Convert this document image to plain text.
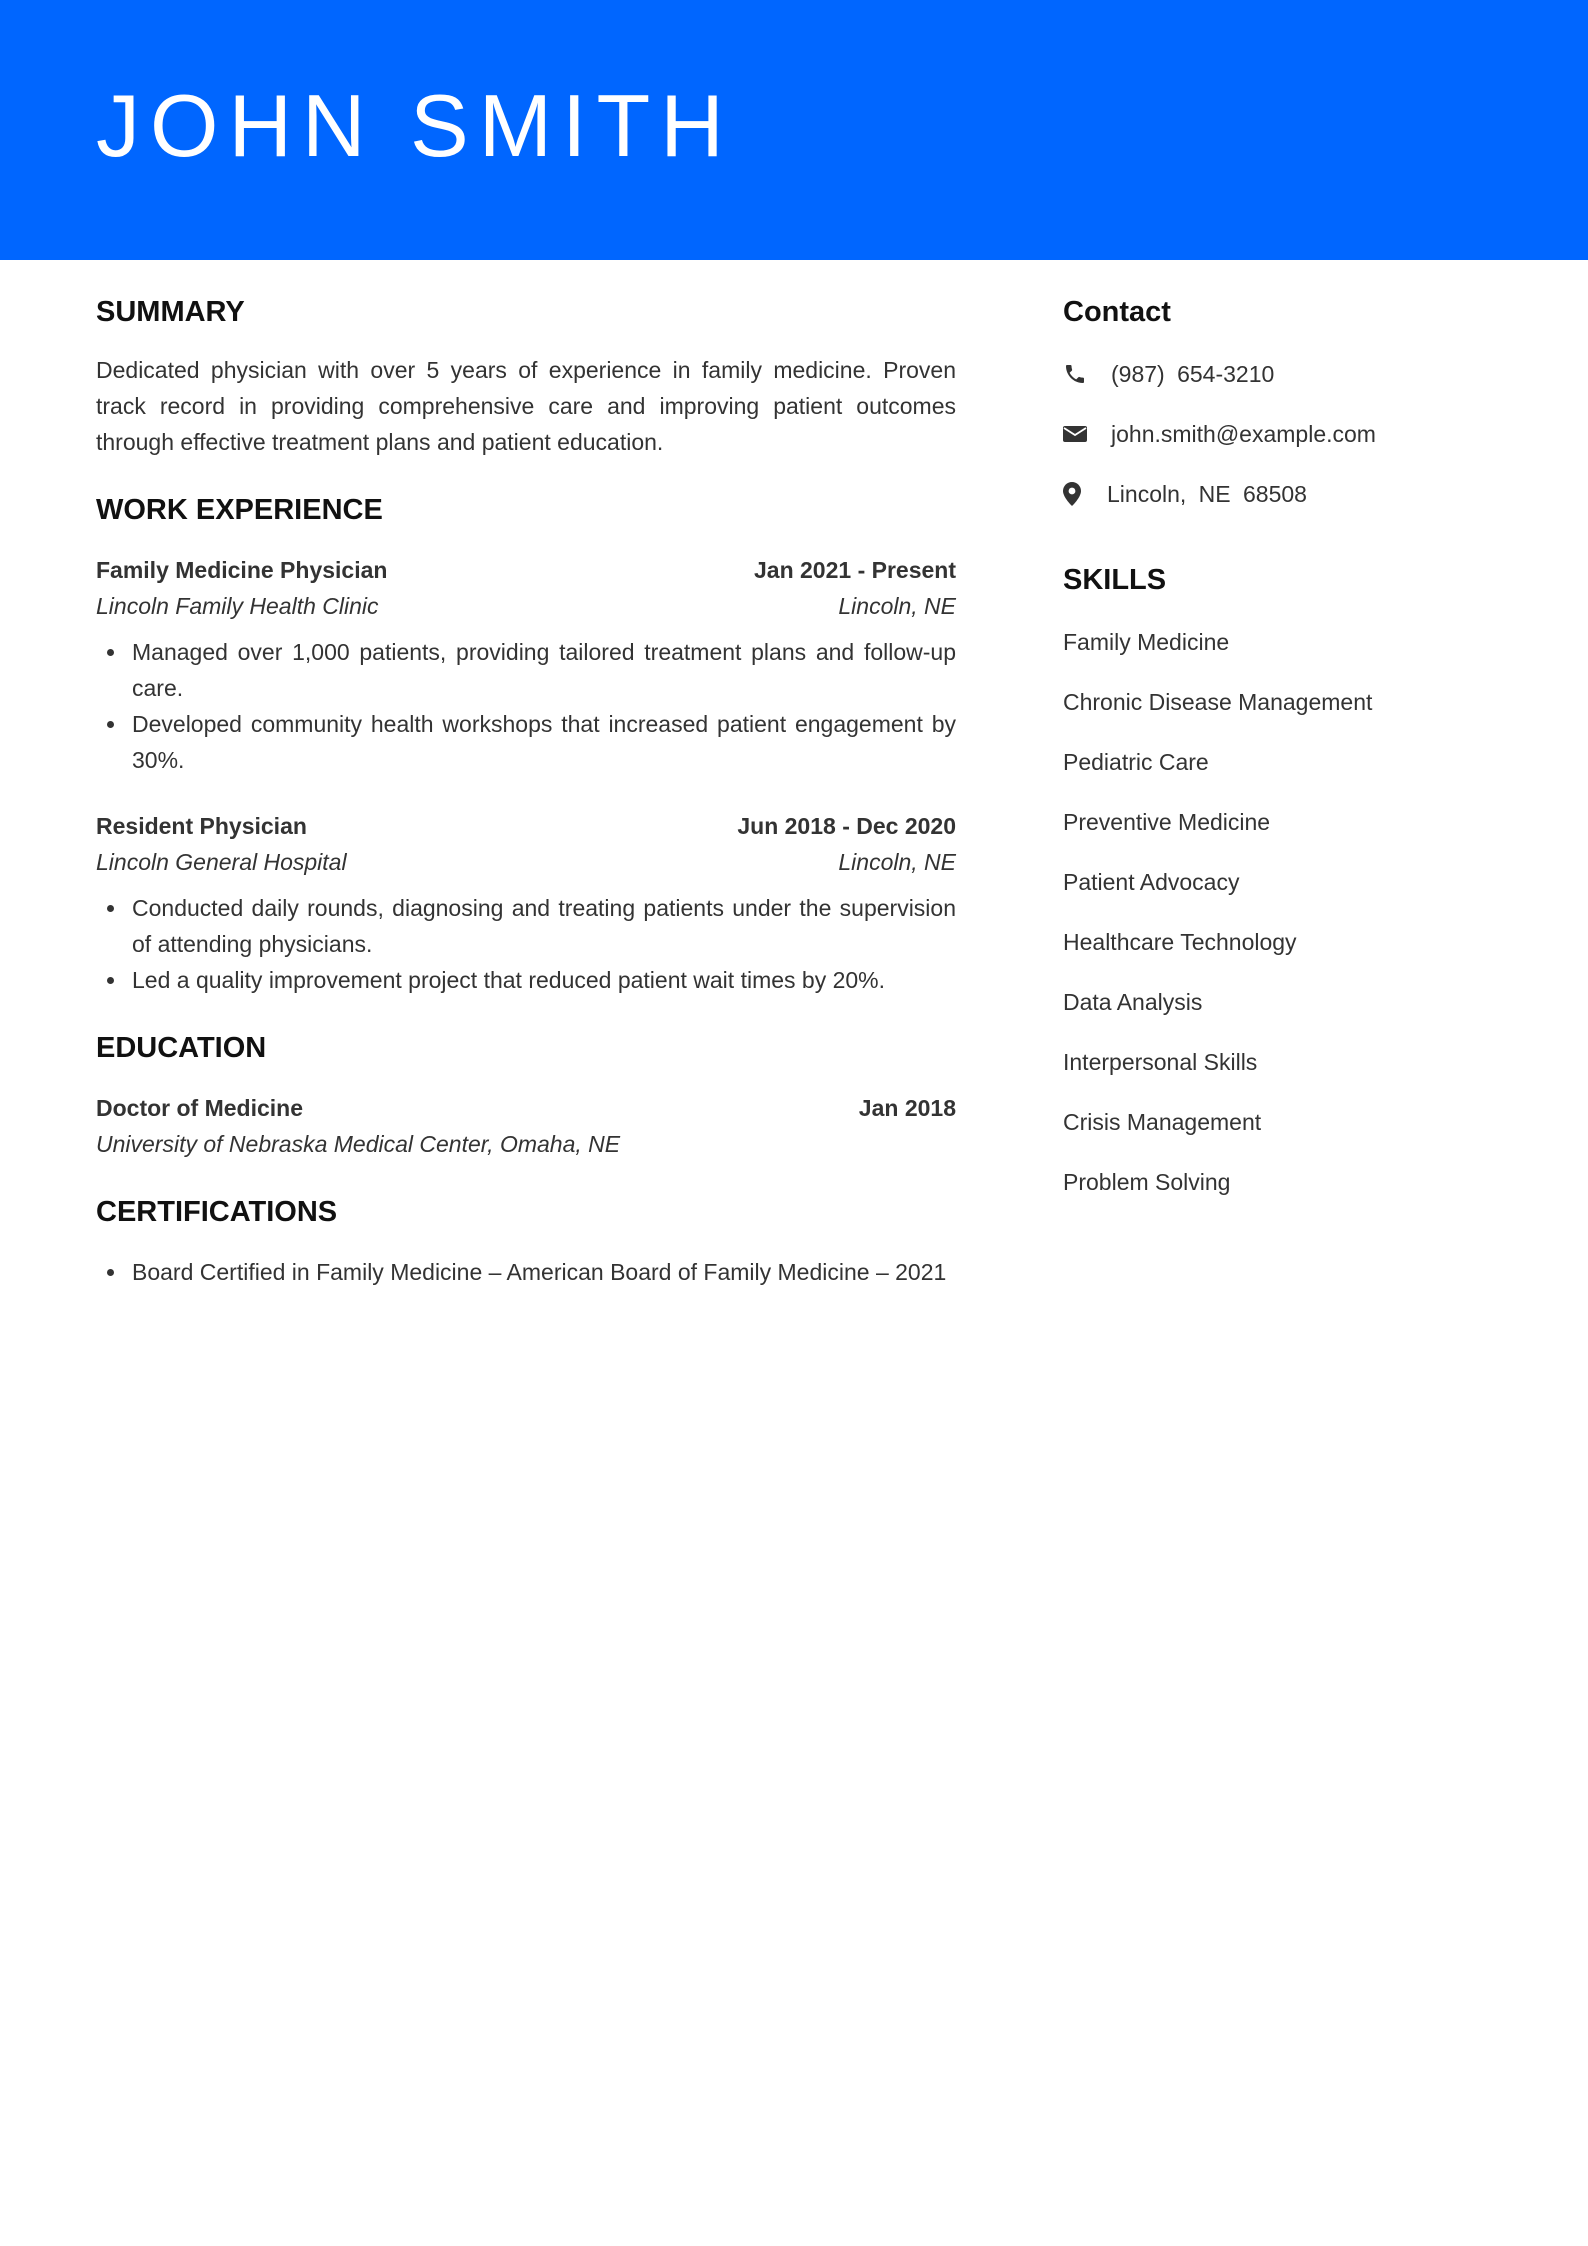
JOHN SMITH
SUMMARY

Dedicated physician with over 5 years of experience in family medicine. Proven track record in providing comprehensive care and improving patient outcomes through effective treatment plans and patient education.

WORK EXPERIENCE
Family Medicine Physician	Jan 2021 - Present
Lincoln Family Health Clinic	Lincoln, NE
Managed over 1,000 patients, providing tailored treatment plans and follow-up care.
Developed community health workshops that increased patient engagement by 30%.
Resident Physician	Jun 2018 - Dec 2020
Lincoln General Hospital	Lincoln, NE
Conducted daily rounds, diagnosing and treating patients under the supervision of attending physicians.
Led a quality improvement project that reduced patient wait times by 20%.
EDUCATION
Doctor of Medicine	Jan 2018
University of Nebraska Medical Center, Omaha, NE
CERTIFICATIONS
Board Certified in Family Medicine – American Board of Family Medicine – 2021
Contact
(987) 654-3210
john.smith@example.com
Lincoln, NE 68508
SKILLS
Family Medicine
Chronic Disease Management
Pediatric Care
Preventive Medicine
Patient Advocacy
Healthcare Technology
Data Analysis
Interpersonal Skills
Crisis Management
Problem Solving
